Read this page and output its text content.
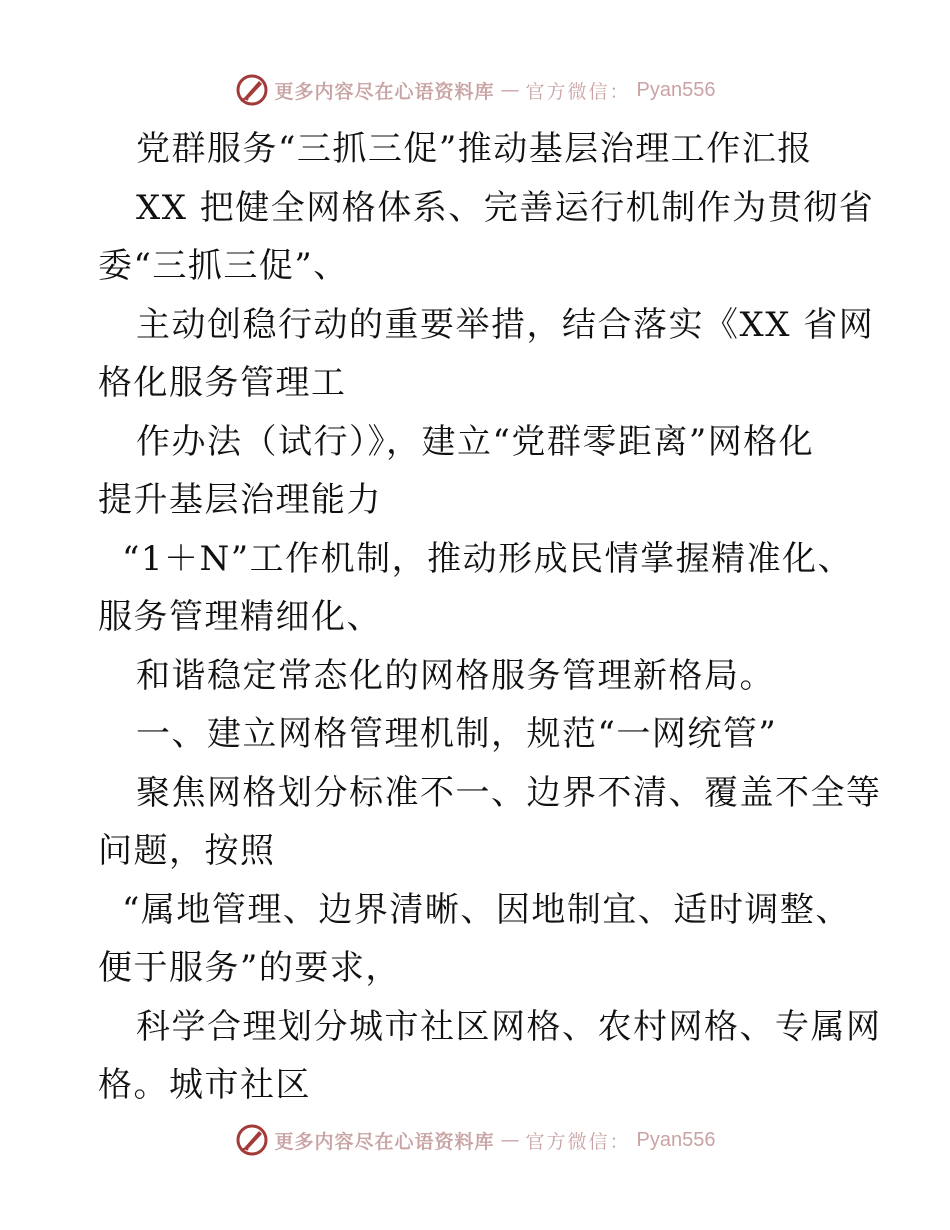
更多内容尽在心语资料库 — 官方微信： Pyan556
党群服务“三抓三促”推动基层治理工作汇报
XX 把健全网格体系、完善运行机制作为贯彻省
委“三抓三促”、
主动创稳行动的重要举措，结合落实《XX 省网
格化服务管理工
作办法（试行）》，建立“党群零距离”网格化
提升基层治理能力
“1＋N”工作机制，推动形成民情掌握精准化、
服务管理精细化、
和谐稳定常态化的网格服务管理新格局。
一、建立网格管理机制，规范“一网统管”
聚焦网格划分标准不一、边界不清、覆盖不全等
问题，按照
“属地管理、边界清晰、因地制宜、适时调整、
便于服务”的要求，
科学合理划分城市社区网格、农村网格、专属网
格。城市社区
更多内容尽在心语资料库 — 官方微信： Pyan556
